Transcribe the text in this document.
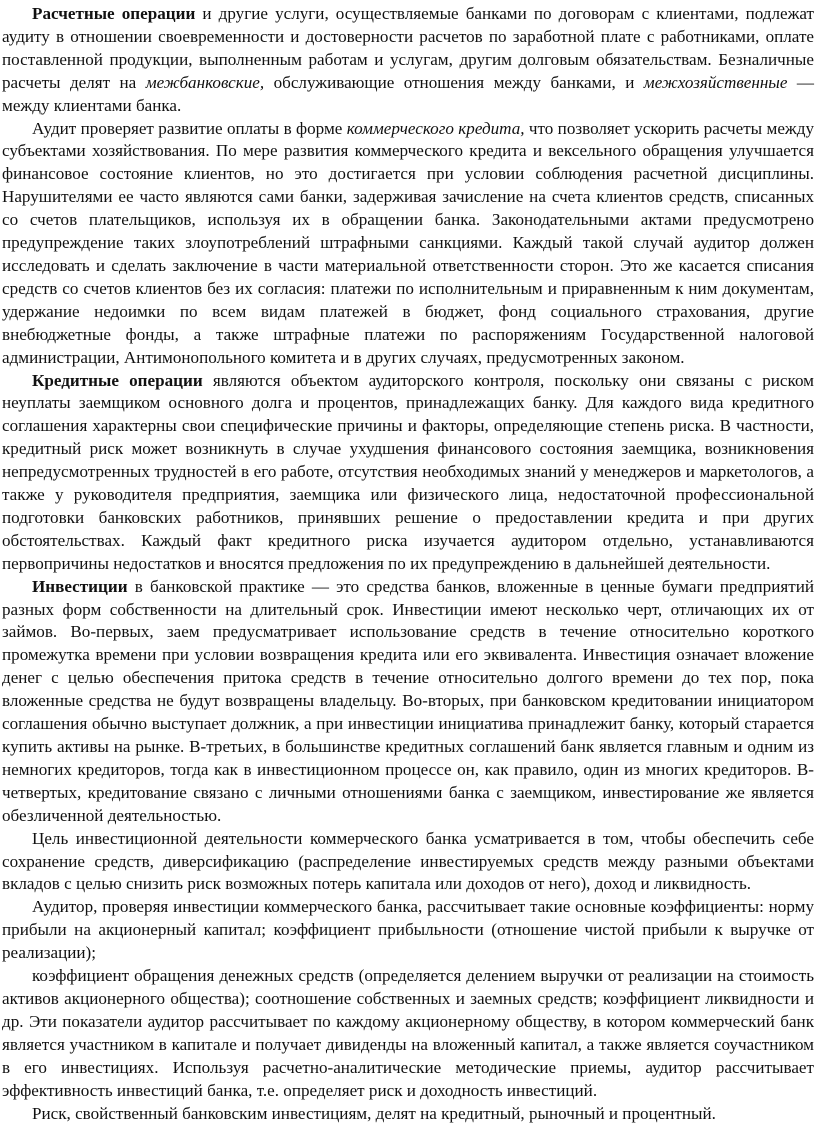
Расчетные операции и другие услуги, осуществляемые банками по договорам с клиентами, подлежат аудиту в отношении своевременности и достоверности расчетов по заработной плате с работниками, оплате поставленной продукции, выполненным работам и услугам, другим долговым обязательствам. Безналичные расчеты делят на межбанковские, обслуживающие отношения между банками, и межхозяйственные — между клиентами банка.

Аудит проверяет развитие оплаты в форме коммерческого кредита, что позволяет ускорить расчеты между субъектами хозяйствования. По мере развития коммерческого кредита и вексельного обращения улучшается финансовое состояние клиентов, но это достигается при условии соблюдения расчетной дисциплины. Нарушителями ее часто являются сами банки, задерживая зачисление на счета клиентов средств, списанных со счетов плательщиков, используя их в обращении банка. Законодательными актами предусмотрено предупреждение таких злоупотреблений штрафными санкциями. Каждый такой случай аудитор должен исследовать и сделать заключение в части материальной ответственности сторон. Это же касается списания средств со счетов клиентов без их согласия: платежи по исполнительным и приравненным к ним документам, удержание недоимки по всем видам платежей в бюджет, фонд социального страхования, другие внебюджетные фонды, а также штрафные платежи по распоряжениям Государственной налоговой администрации, Антимонопольного комитета и в других случаях, предусмотренных законом.

Кредитные операции являются объектом аудиторского контроля, поскольку они связаны с риском неуплаты заемщиком основного долга и процентов, принадлежащих банку. Для каждого вида кредитного соглашения характерны свои специфические причины и факторы, определяющие степень риска. В частности, кредитный риск может возникнуть в случае ухудшения финансового состояния заемщика, возникновения непредусмотренных трудностей в его работе, отсутствия необходимых знаний у менеджеров и маркетологов, а также у руководителя предприятия, заемщика или физического лица, недостаточной профессиональной подготовки банковских работников, принявших решение о предоставлении кредита и при других обстоятельствах. Каждый факт кредитного риска изучается аудитором отдельно, устанавливаются первопричины недостатков и вносятся предложения по их предупреждению в дальнейшей деятельности.

Инвестиции в банковской практике — это средства банков, вложенные в ценные бумаги предприятий разных форм собственности на длительный срок. Инвестиции имеют несколько черт, отличающих их от займов. Во-первых, заем предусматривает использование средств в течение относительно короткого промежутка времени при условии возвращения кредита или его эквивалента. Инвестиция означает вложение денег с целью обеспечения притока средств в течение относительно долгого времени до тех пор, пока вложенные средства не будут возвращены владельцу. Во-вторых, при банковском кредитовании инициатором соглашения обычно выступает должник, а при инвестиции инициатива принадлежит банку, который старается купить активы на рынке. В-третьих, в большинстве кредитных соглашений банк является главным и одним из немногих кредиторов, тогда как в инвестиционном процессе он, как правило, один из многих кредиторов. В-четвертых, кредитование связано с личными отношениями банка с заемщиком, инвестирование же является обезличенной деятельностью.

Цель инвестиционной деятельности коммерческого банка усматривается в том, чтобы обеспечить себе сохранение средств, диверсификацию (распределение инвестируемых средств между разными объектами вкладов с целью снизить риск возможных потерь капитала или доходов от него), доход и ликвидность.

Аудитор, проверяя инвестиции коммерческого банка, рассчитывает такие основные коэффициенты: норму прибыли на акционерный капитал; коэффициент прибыльности (отношение чистой прибыли к выручке от реализации);

коэффициент обращения денежных средств (определяется делением выручки от реализации на стоимость активов акционерного общества); соотношение собственных и заемных средств; коэффициент ликвидности и др. Эти показатели аудитор рассчитывает по каждому акционерному обществу, в котором коммерческий банк является участником в капитале и получает дивиденды на вложенный капитал, а также является соучастником в его инвестициях. Используя расчетно-аналитические методические приемы, аудитор рассчитывает эффективность инвестиций банка, т.е. определяет риск и доходность инвестиций.

Риск, свойственный банковским инвестициям, делят на кредитный, рыночный и процентный.
